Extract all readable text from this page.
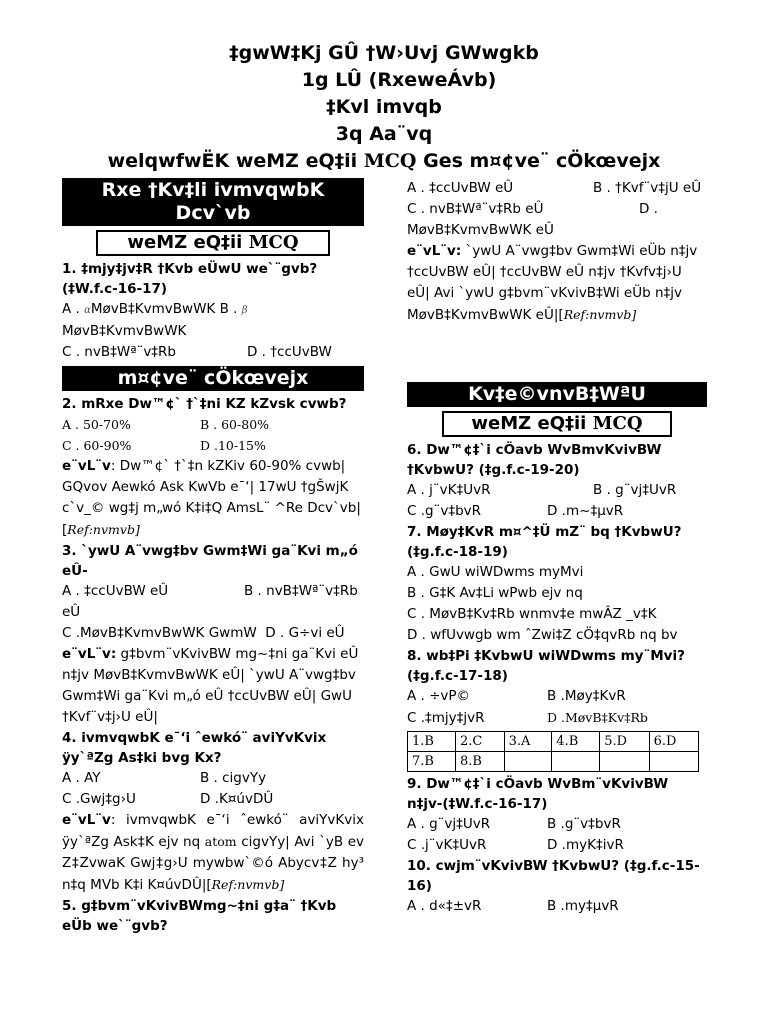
‡gwW‡Kj GÛ †W›Uvj GWwgkb
1g LÛ (RxeweÁvb)
‡Kvl imvqb
3q Aa¨vq
welqwfwËK weMZ eQ‡ii MCQ Ges m¤¢ve¨ cÖkœvejx
Rxe †Kv‡li ivmvqwbK Dcv`vb
weMZ eQ‡ii MCQ
1. ‡mjy‡jv‡R †Kvb eÜwU we`¨gvb? (‡W.f.c-16-17)
A . αMøvB‡KvmvBwWK B . β
MøvB‡KvmvBwWK
C . nvB‡Wª¨v‡Rb	D . †ccUvBW
m¤¢ve¨ cÖkœvejx
2. mRxe Dw™¢` †`‡ni KZ kZvsk cvwb?
A . 50-70%	B . 60-80%
C . 60-90%	D .10-15%
e¨vL¨v: Dw™¢` †`‡n kZKiv 60-90% cvwb| GQvov Aewkó Ask KwVb e¯‘| 17wU †gŠwjK c`v_© wg‡j m„wó K‡i‡Q AmsL¨ ^Re Dcv`vb| [Ref:nvmvb]
3. `ywU A¨vwg‡bv Gwm‡Wi ga¨Kvi m„ó eÛ-
A . ‡ccUvBW eÛ	B . nvB‡Wª¨v‡Rb eÛ
C .MøvB‡KvmvBwWK GwmW D . G÷vi eÛ
e¨vL¨v: g‡bvm¨vKvivBW mg~‡ni ga¨Kvi eÛ n‡jv MøvB‡KvmvBwWK eÛ| `ywU A¨vwg‡bv Gwm‡Wi ga¨Kvi m„ó eÛ †ccUvBW eÛ| GwU †Kvf¨v‡j›U eÛ|
4. ivmvqwbK e¯‘i ˆewkó¨ aviYvKvix ÿy`ªZg As‡ki bvg Kx?
A . AY	B . cigvYy
C .Gwj‡g›U	D .K¤úvDÛ
e¨vL¨v: ivmvqwbK e¯‘i ˆewkó¨ aviYvKvix ÿy`ªZg Ask‡K ejv nq atom cigvYy| Avi `yB ev Z‡ZvwaK Gwj‡g›U mywbw`©ó Abycv‡Z hy³ n‡q MVb K‡i K¤úvDÛ|[Ref:nvmvb]
5. g‡bvm¨vKvivBWmg~‡ni g‡a¨ †Kvb eÜb we`¨gvb?
A . ‡ccUvBW eÛ	B . †Kvf¨v‡jU eÛ
C . nvB‡Wª¨v‡Rb eÛ	D . MøvB‡KvmvBwWK eÛ
e¨vL¨v: `ywU A¨vwg‡bv Gwm‡Wi eÜb n‡jv †ccUvBW eÛ| †ccUvBW eÛ n‡jv †Kvfv‡j›U eÛ| Avi `ywU g‡bvm¨vKvivB‡Wi eÜb n‡jv MøvB‡KvmvBwWK eÛ|[Ref:nvmvb]
Kv‡e©vnvB‡WªU
weMZ eQ‡ii MCQ
6. Dw™¢‡`i cÖavb WvBmvKvivBW †KvbwU? (‡g.f.c-19-20)
A . j¨vK‡UvR	B . g¨vj‡UvR
C .g¨v‡bvR	D .m~‡µvR
7. Møy‡KvR m¤^‡Ü mZ¨ bq †KvbwU? (‡g.f.c-18-19)
A . GwU wiWDwms myMvi
B . G‡K Av‡Li wPwb ejv nq
C . MøvB‡Kv‡Rb wnmv‡e mwÂZ _v‡K
D . wfUvwgb wm ˆZwi‡Z cÖ‡qvRb nq bv
8. wb‡Pi ‡KvbwU wiWDwms my¨Mvi? (‡g.f.c-17-18)
A . ÷vP©	B .Møy‡KvR
C .‡mjy‡jvR	D .MøvB‡Kv‡Rb
1.B	2.C	3.A	4.B	5.D	6.D
7.B	8.B				
9. Dw™¢‡`i cÖavb WvBm¨vKvivBW n‡jv-(‡W.f.c-16-17)
A . g¨vj‡UvR	B .g¨v‡bvR
C .j¨vK‡UvR	D .myK‡ivR
10. cwjm¨vKvivBW †KvbwU? (‡g.f.c-15-16)
A . d«‡±vR	B .my‡µvR
